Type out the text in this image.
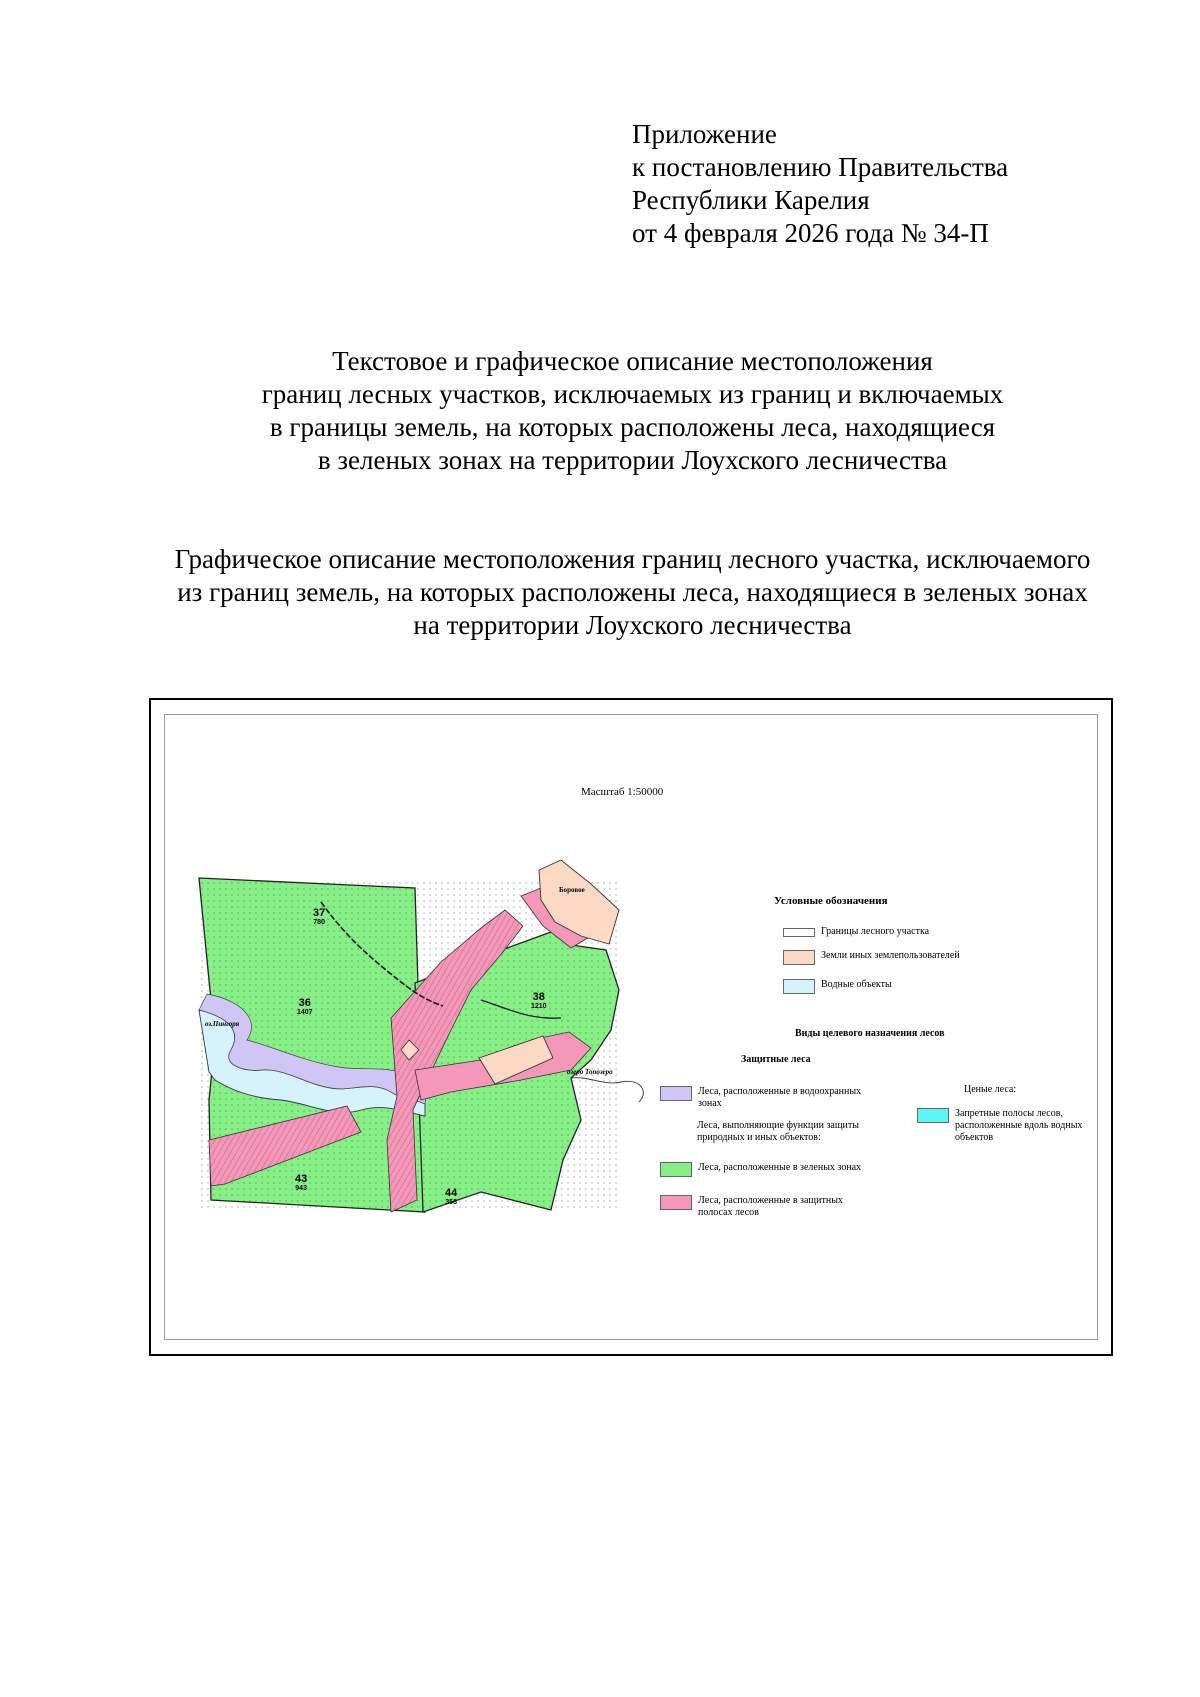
Приложение
к постановлению Правительства
Республики Карелия
от 4 февраля 2026 года № 34-П
Текстовое и графическое описание местоположения
границ лесных участков, исключаемых из границ и включаемых
в границы земель, на которых расположены леса, находящиеся
в зеленых зонах на территории Лоухского лесничества
Графическое описание местоположения границ лесного участка, исключаемого
из границ земель, на которых расположены леса, находящиеся в зеленых зонах
на территории Лоухского лесничества
Масштаб 1:50000
37
780
36
1407
38
1210
43
943	44
358
оз.Пингоря
озеро Топозеро
Боровое
Условные обозначения
Границы лесного участка
Земли иных землепользователей
Водные объекты
Виды целевого назначения лесов
Защитные леса
Леса, расположенные в водоохранных зонах
Леса, выполняющие функции защиты природных и иных объектов:
Леса, расположенные в зеленых зонах
Леса, расположенные в защитных полосах лесов
Ценые леса:
Запретные полосы лесов, расположенные вдоль водных объектов
